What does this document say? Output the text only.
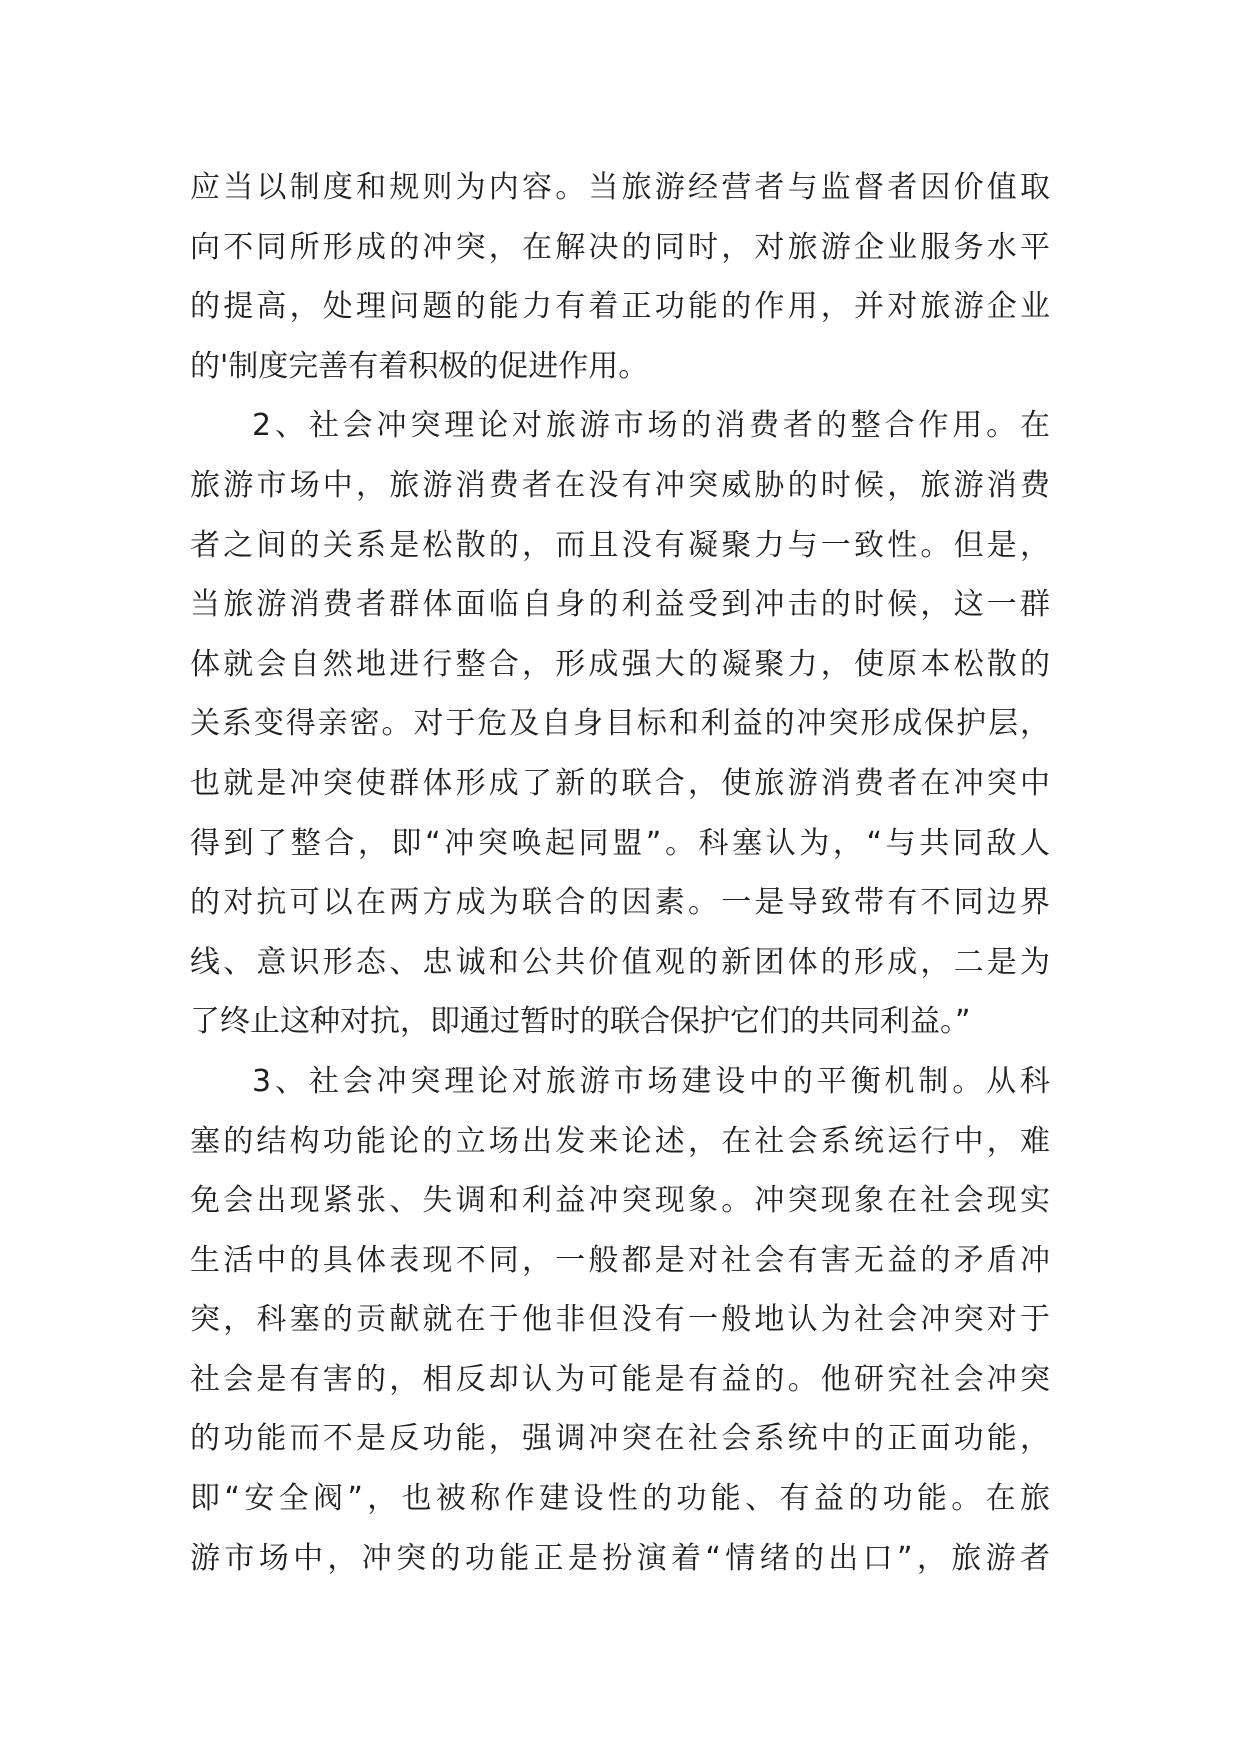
应当以制度和规则为内容。当旅游经营者与监督者因价值取
向不同所形成的冲突，在解决的同时，对旅游企业服务水平
的提高，处理问题的能力有着正功能的作用，并对旅游企业
的'制度完善有着积极的促进作用。
2、社会冲突理论对旅游市场的消费者的整合作用。在
旅游市场中，旅游消费者在没有冲突威胁的时候，旅游消费
者之间的关系是松散的，而且没有凝聚力与一致性。但是，
当旅游消费者群体面临自身的利益受到冲击的时候，这一群
体就会自然地进行整合，形成强大的凝聚力，使原本松散的
关系变得亲密。对于危及自身目标和利益的冲突形成保护层，
也就是冲突使群体形成了新的联合，使旅游消费者在冲突中
得到了整合，即“冲突唤起同盟”。科塞认为，“与共同敌人
的对抗可以在两方成为联合的因素。一是导致带有不同边界
线、意识形态、忠诚和公共价值观的新团体的形成，二是为
了终止这种对抗，即通过暂时的联合保护它们的共同利益。”
3、社会冲突理论对旅游市场建设中的平衡机制。从科
塞的结构功能论的立场出发来论述，在社会系统运行中，难
免会出现紧张、失调和利益冲突现象。冲突现象在社会现实
生活中的具体表现不同，一般都是对社会有害无益的矛盾冲
突，科塞的贡献就在于他非但没有一般地认为社会冲突对于
社会是有害的，相反却认为可能是有益的。他研究社会冲突
的功能而不是反功能，强调冲突在社会系统中的正面功能，
即“安全阀”，也被称作建设性的功能、有益的功能。在旅
游市场中，冲突的功能正是扮演着“情绪的出口”，旅游者
